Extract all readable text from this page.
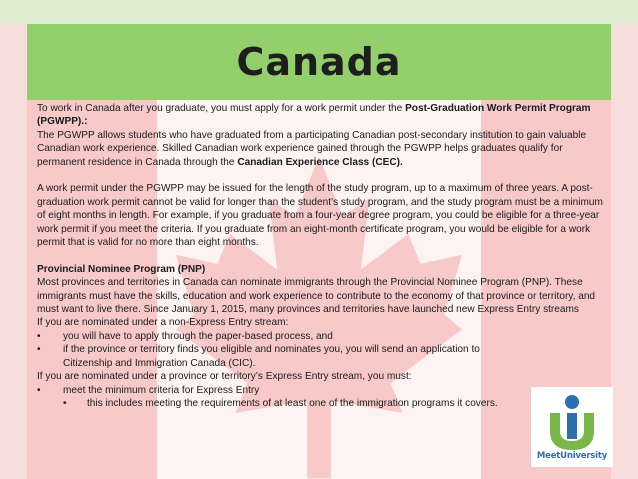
Canada

To work in Canada after you graduate, you must apply for a work permit under the Post-Graduation Work Permit Program (PGWPP).:

The PGWPP allows students who have graduated from a participating Canadian post-secondary institution to gain valuable Canadian work experience. Skilled Canadian work experience gained through the PGWPP helps graduates qualify for permanent residence in Canada through the Canadian Experience Class (CEC).

A work permit under the PGWPP may be issued for the length of the study program, up to a maximum of three years. A post-graduation work permit cannot be valid for longer than the student’s study program, and the study program must be a minimum of eight months in length. For example, if you graduate from a four-year degree program, you could be eligible for a three-year work permit if you meet the criteria. If you graduate from an eight-month certificate program, you would be eligible for a work permit that is valid for no more than eight months.

Provincial Nominee Program (PNP)

Most provinces and territories in Canada can nominate immigrants through the Provincial Nominee Program (PNP). These immigrants must have the skills, education and work experience to contribute to the economy of that province or territory, and must want to live there. Since January 1, 2015, many provinces and territories have launched new Express Entry streams

If you are nominated under a non-Express Entry stream:

•	you will have to apply through the paper-based process, and
•	if the province or territory finds you eligible and nominates you, you will send an application to Citizenship and Immigration Canada (CIC).

If you are nominated under a province or territory’s Express Entry stream, you must:

•	meet the minimum criteria for Express Entry
•	this includes meeting the requirements of at least one of the immigration programs it covers.
MeetUniversity
